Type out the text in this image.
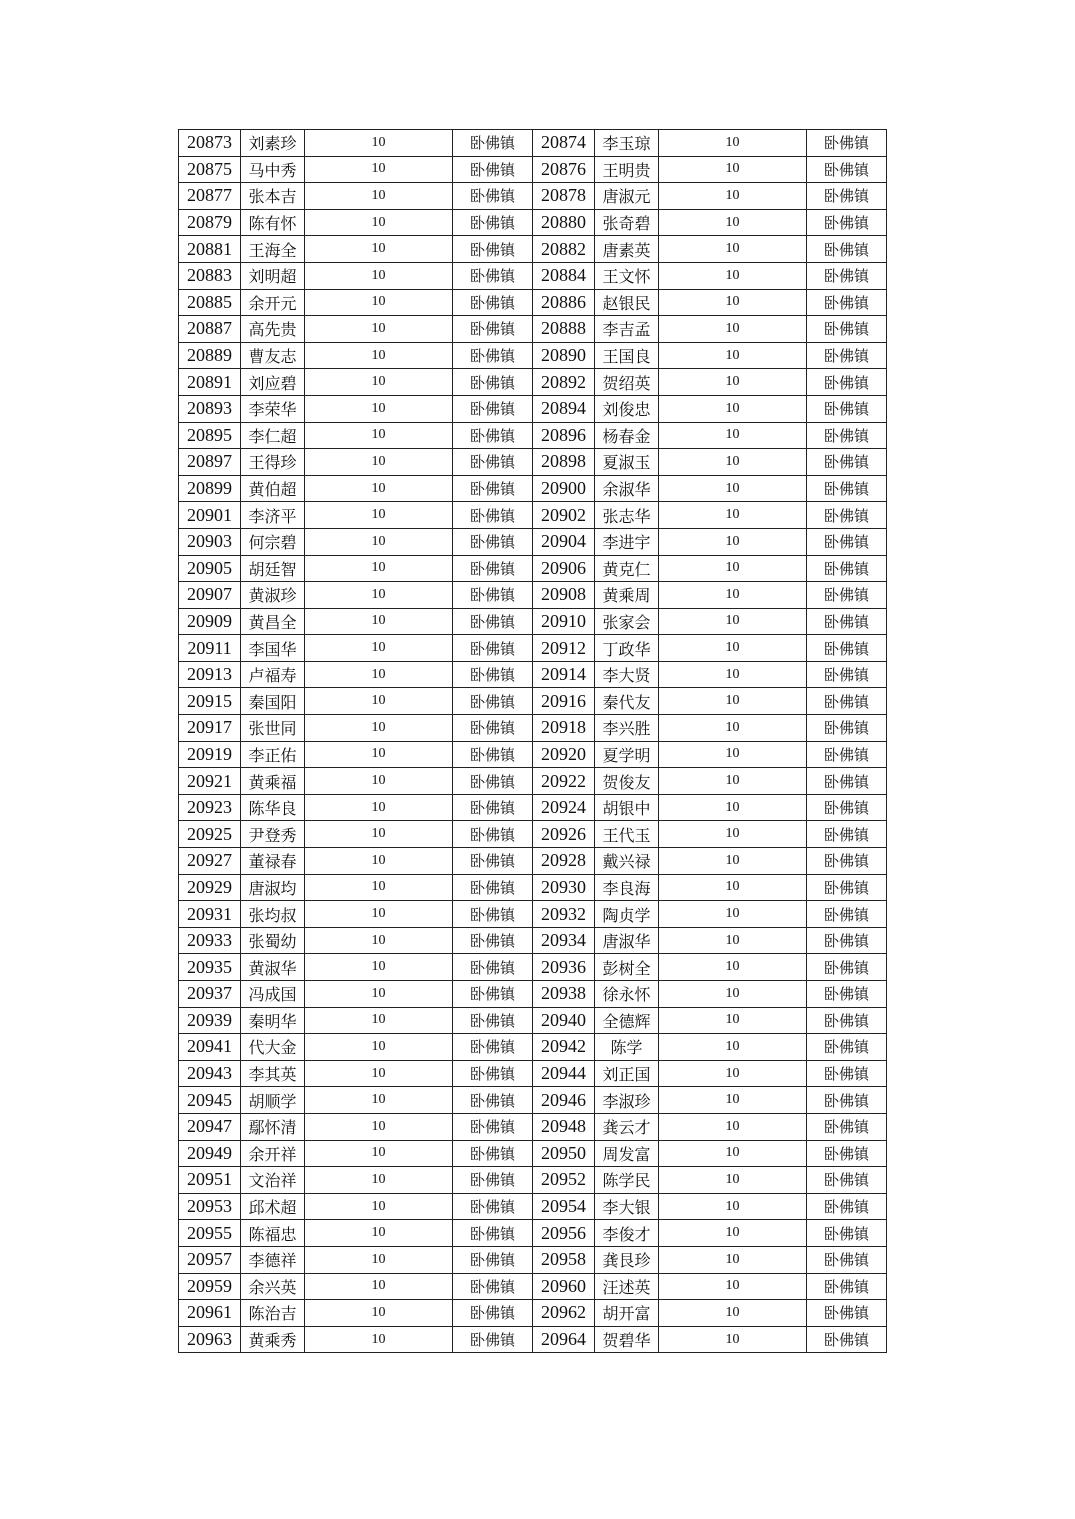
20873	刘素珍	10	卧佛镇	20874	李玉琼	10	卧佛镇
20875	马中秀	10	卧佛镇	20876	王明贵	10	卧佛镇
20877	张本吉	10	卧佛镇	20878	唐淑元	10	卧佛镇
20879	陈有怀	10	卧佛镇	20880	张奇碧	10	卧佛镇
20881	王海全	10	卧佛镇	20882	唐素英	10	卧佛镇
20883	刘明超	10	卧佛镇	20884	王文怀	10	卧佛镇
20885	余开元	10	卧佛镇	20886	赵银民	10	卧佛镇
20887	高先贵	10	卧佛镇	20888	李吉孟	10	卧佛镇
20889	曹友志	10	卧佛镇	20890	王国良	10	卧佛镇
20891	刘应碧	10	卧佛镇	20892	贺绍英	10	卧佛镇
20893	李荣华	10	卧佛镇	20894	刘俊忠	10	卧佛镇
20895	李仁超	10	卧佛镇	20896	杨春金	10	卧佛镇
20897	王得珍	10	卧佛镇	20898	夏淑玉	10	卧佛镇
20899	黄伯超	10	卧佛镇	20900	余淑华	10	卧佛镇
20901	李济平	10	卧佛镇	20902	张志华	10	卧佛镇
20903	何宗碧	10	卧佛镇	20904	李进宇	10	卧佛镇
20905	胡廷智	10	卧佛镇	20906	黄克仁	10	卧佛镇
20907	黄淑珍	10	卧佛镇	20908	黄乘周	10	卧佛镇
20909	黄昌全	10	卧佛镇	20910	张家会	10	卧佛镇
20911	李国华	10	卧佛镇	20912	丁政华	10	卧佛镇
20913	卢福寿	10	卧佛镇	20914	李大贤	10	卧佛镇
20915	秦国阳	10	卧佛镇	20916	秦代友	10	卧佛镇
20917	张世同	10	卧佛镇	20918	李兴胜	10	卧佛镇
20919	李正佑	10	卧佛镇	20920	夏学明	10	卧佛镇
20921	黄乘福	10	卧佛镇	20922	贺俊友	10	卧佛镇
20923	陈华良	10	卧佛镇	20924	胡银中	10	卧佛镇
20925	尹登秀	10	卧佛镇	20926	王代玉	10	卧佛镇
20927	董禄春	10	卧佛镇	20928	戴兴禄	10	卧佛镇
20929	唐淑均	10	卧佛镇	20930	李良海	10	卧佛镇
20931	张均叔	10	卧佛镇	20932	陶贞学	10	卧佛镇
20933	张蜀幼	10	卧佛镇	20934	唐淑华	10	卧佛镇
20935	黄淑华	10	卧佛镇	20936	彭树全	10	卧佛镇
20937	冯成国	10	卧佛镇	20938	徐永怀	10	卧佛镇
20939	秦明华	10	卧佛镇	20940	全德辉	10	卧佛镇
20941	代大金	10	卧佛镇	20942	陈学	10	卧佛镇
20943	李其英	10	卧佛镇	20944	刘正国	10	卧佛镇
20945	胡顺学	10	卧佛镇	20946	李淑珍	10	卧佛镇
20947	鄢怀清	10	卧佛镇	20948	龚云才	10	卧佛镇
20949	余开祥	10	卧佛镇	20950	周发富	10	卧佛镇
20951	文治祥	10	卧佛镇	20952	陈学民	10	卧佛镇
20953	邱术超	10	卧佛镇	20954	李大银	10	卧佛镇
20955	陈福忠	10	卧佛镇	20956	李俊才	10	卧佛镇
20957	李德祥	10	卧佛镇	20958	龚艮珍	10	卧佛镇
20959	余兴英	10	卧佛镇	20960	汪述英	10	卧佛镇
20961	陈治吉	10	卧佛镇	20962	胡开富	10	卧佛镇
20963	黄乘秀	10	卧佛镇	20964	贺碧华	10	卧佛镇
